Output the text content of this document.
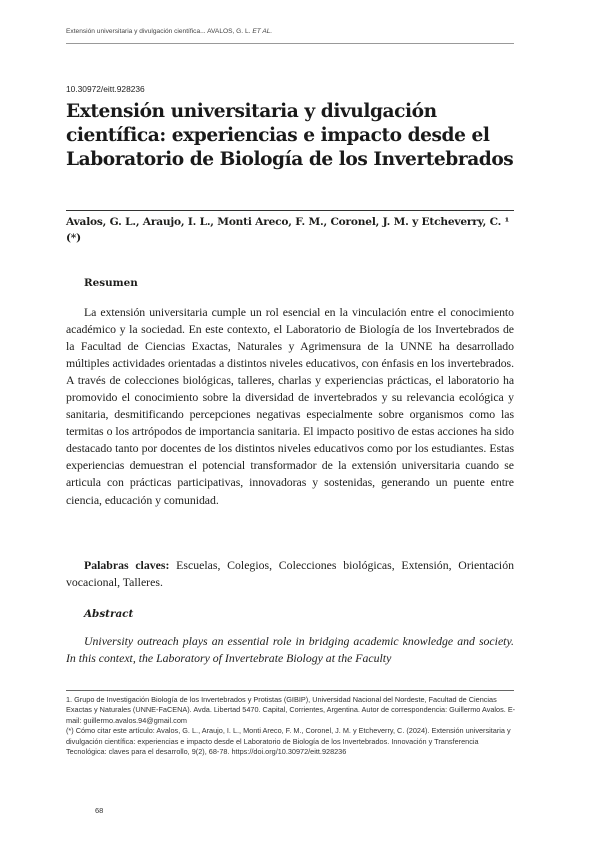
Extensión universitaria y divulgación científica... AVALOS, G. L. ET AL.
10.30972/eitt.928236
Extensión universitaria y divulgación científica: experiencias e impacto desde el Laboratorio de Biología de los Invertebrados
Avalos, G. L., Araujo, I. L., Monti Areco, F. M., Coronel, J. M. y Etcheverry, C. ¹ (*)
Resumen

La extensión universitaria cumple un rol esencial en la vinculación entre el conocimiento académico y la sociedad. En este contexto, el Laboratorio de Biología de los Invertebrados de la Facultad de Ciencias Exactas, Naturales y Agrimensura de la UNNE ha desarrollado múltiples actividades orientadas a distintos niveles educativos, con énfasis en los invertebrados. A través de colecciones biológicas, talleres, charlas y experiencias prácticas, el laboratorio ha promovido el conocimiento sobre la diversidad de invertebrados y su relevancia ecológica y sanitaria, desmitificando percepciones negativas especialmente sobre organismos como las termitas o los artrópodos de importancia sanitaria. El impacto positivo de estas acciones ha sido destacado tanto por docentes de los distintos niveles educativos como por los estudiantes. Estas experiencias demuestran el potencial transformador de la extensión universitaria cuando se articula con prácticas participativas, innovadoras y sostenidas, generando un puente entre ciencia, educación y comunidad.

Palabras claves: Escuelas, Colegios, Colecciones biológicas, Extensión, Orientación vocacional, Talleres.

Abstract

University outreach plays an essential role in bridging academic knowledge and society. In this context, the Laboratory of Invertebrate Biology at the Faculty

1. Grupo de Investigación Biología de los Invertebrados y Protistas (GIBIP), Universidad Nacional del Nordeste, Facultad de Ciencias Exactas y Naturales (UNNE-FaCENA). Avda. Libertad 5470. Capital, Corrientes, Argentina. Autor de correspondencia: Guillermo Avalos. E-mail: guillermo.avalos.94@gmail.com

(*) Cómo citar este artículo: Avalos, G. L., Araujo, I. L., Monti Areco, F. M., Coronel, J. M. y Etcheverry, C. (2024). Extensión universitaria y divulgación científica: experiencias e impacto desde el Laboratorio de Biología de los Invertebrados. Innovación y Transferencia Tecnológica: claves para el desarrollo, 9(2), 68-78. https://doi.org/10.30972/eitt.928236

68
